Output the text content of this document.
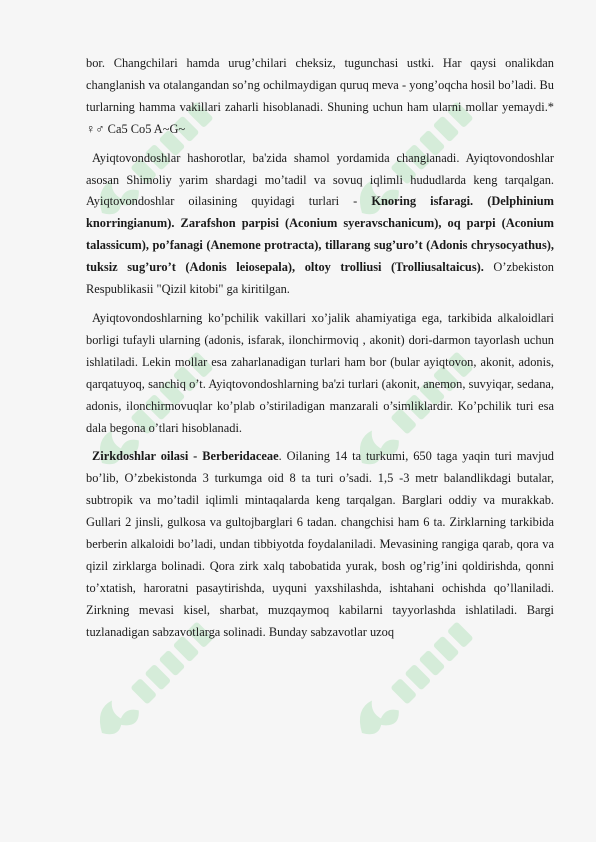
bor. Changchilari hamda urug’chilari cheksiz, tugunchasi ustki. Har qaysi onalikdan changlanish va otalangandan so’ng ochilmaydigan quruq meva - yong’oqcha hosil bo’ladi. Bu turlarning hamma vakillari zaharli hisoblanadi. Shuning uchun ham ularni mollar yemaydi.* ♀♂ Ca5 Co5 A~G~

Ayiqtovondoshlar hashorotlar, ba'zida shamol yordamida changlanadi. Ayiqtovondoshlar asosan Shimoliy yarim shardagi mo’tadil va sovuq iqlimli hududlarda keng tarqalgan. Ayiqtovondoshlar oilasining quyidagi turlari - Knoring isfaragi. (Delphinium knorringianum). Zarafshon parpisi (Aconium syeravschanicum), oq parpi (Aconium talassicum), po’fanagi (Anemone protracta), tillarang sug’uro’t (Adonis chrysocyathus), tuksiz sug’uro’t (Adonis leiosepala), oltoy trolliusi (Trolliusaltaicus). O’zbekiston Respublikasii "Qizil kitobi" ga kiritilgan.

Ayiqtovondoshlarning ko’pchilik vakillari xo’jalik ahamiyatiga ega, tarkibida alkaloidlari borligi tufayli ularning (adonis, isfarak, ilonchirmoviq , akonit) dori-darmon tayorlash uchun ishlatiladi. Lekin mollar esa zaharlanadigan turlari ham bor (bular ayiqtovon, akonit, adonis, qarqatuyoq, sanchiq o’t. Ayiqtovondoshlarning ba'zi turlari (akonit, anemon, suvyiqar, sedana, adonis, ilonchirmovuqlar ko’plab o’stiriladigan manzarali o’simliklardir. Ko’pchilik turi esa dala begona o’tlari hisoblanadi.

Zirkdoshlar oilasi - Berberidaceae. Oilaning 14 ta turkumi, 650 taga yaqin turi mavjud bo’lib, O’zbekistonda 3 turkumga oid 8 ta turi o’sadi. 1,5 -3 metr balandlikdagi butalar, subtropik va mo’tadil iqlimli mintaqalarda keng tarqalgan. Barglari oddiy va murakkab. Gullari 2 jinsli, gulkosa va gultojbarglari 6 tadan. changchisi ham 6 ta. Zirklarning tarkibida berberin alkaloidi bo’ladi, undan tibbiyotda foydalaniladi. Mevasining rangiga qarab, qora va qizil zirklarga bolinadi. Qora zirk xalq tabobatida yurak, bosh og’rig’ini qoldirishda, qonni to’xtatish, haroratni pasaytirishda, uyquni yaxshilashda, ishtahani ochishda qo’llaniladi. Zirkning mevasi kisel, sharbat, muzqaymoq kabilarni tayyorlashda ishlatiladi. Bargi tuzlanadigan sabzavotlarga solinadi. Bunday sabzavotlar uzoq
